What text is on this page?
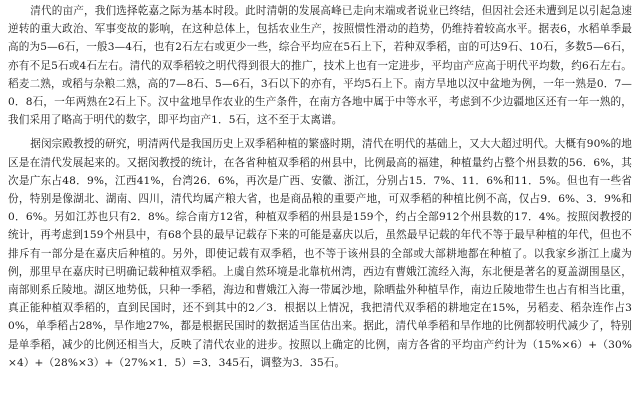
清代的亩产，我们选择乾嘉之际为基本时段。此时清朝的发展高峰已走向末端或者说业已终结，但因社会还未遭到足以引起急速逆转的重大政治、军事变故的影响，在这种总体上，包括农业生产，按照惯性滑动的趋势，仍维持着较高水平。据表6，水稻单季最高的为5—6石，一般3—4石，也有2石左右或更少一些，综合平均应在5石上下，若种双季稻，亩的可达9石、10石，多数5—6石，亦有不足5石或4石左右。清代的双季稻较之明代得到很大的推广，技术上也有一定进步，平均亩产应高于明代平均数，约6石左右。稻麦二熟，或稻与杂粮二熟，高的7—8石、5—6石，3石以下的亦有，平均5石上下。南方旱地以汉中盆地为例，一年一熟是0．7—0．8石，一年两熟在2石上下。汉中盆地旱作农业的生产条件，在南方各地中属于中等水平，考虑到不少边疆地区还有一年一熟的，我们采用了略高于明代的数字，即平均亩产1．5石，这不至于太离谱。

据闵宗殿教授的研究，明清两代是我国历史上双季稻种植的繁盛时期，清代在明代的基础上，又大大超过明代。大概有90%的地区是在清代发展起来的。又据闵教授的统计，在各省种植双季稻的州县中，比例最高的福建，种植量约占整个州县数的56．6%，其次是广东占48．9%，江西41%，台湾26．6%，再次是广西、安徽、浙江，分别占15．7%、11．6%和11．5%。但也有一些省份，特别是像湖北、湖南、四川，清代均属产粮大省，也是商品粮的重要产地，可双季稻的种植比例不高，仅占9．6%、3．9%和0．6%。另如江苏也只有2．8%。综合南方12省，种植双季稻的州县是159个，约占全部912个州县数的17．4%。按照闵教授的统计，再考虑到159个州县中，有68个县的最早记载存下来的可能是嘉庆以后，虽然最早记载的年代不等于最早种植的年代，但也不排斥有一部分是在嘉庆后种植的。另外，即使记载有双季稻，也不等于该州县的全部或大部耕地都在种植了。以我家乡浙江上虞为例，那里早在嘉庆时已明确记载种植双季稻。上虞自然环境是北靠杭州湾，西边有曹娥江流经入海，东北便是著名的夏盖湖围垦区，南部则系丘陵地。湖区地势低，只种一季稻，海边和曹娥江入海一带属沙地，除晒盐外种植旱作，南边丘陵地带生也占有相当比重，真正能种植双季稻的，直到民国时，还不到其中的2／3．根据以上情况，我把清代双季稻的耕地定在15%，另稻麦、稻杂连作占30%，单季稻占28%，旱作地27%，都是根据民国时的数据适当匡估出来。据此，清代单季稻和旱作地的比例都较明代减少了，特别是单季稻，减少的比例还相当大，反映了清代农业的进步。按照以上确定的比例，南方各省的平均亩产约计为（15%×6）+（30%×4）+（28%×3）+（27%×1．5）=3．345石，调整为3．35石。
